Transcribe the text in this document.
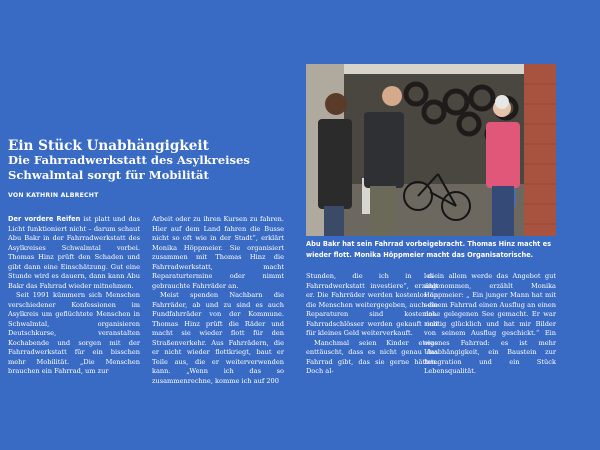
Abu Bakr hat sein Fahrrad vorbeigebracht. Thomas Hinz macht es wieder flott. Monika Höppmeier macht das Organisatorische.

Ein Stück Unabhängigkeit
Die Fahrradwerkstatt des Asylkreises Schwalmtal sorgt für Mobilität
VON KATHRIN ALBRECHT

Der vordere Reifen ist platt und das Licht funktioniert nicht – darum schaut Abu Bakr in der Fahrradwerkstatt des Asylkreises Schwalmtal vorbei. Thomas Hinz prüft den Schaden und gibt dann eine Einschätzung. Gut eine Stunde wird es dauern, dann kann Abu Bakr das Fahrrad wieder mitnehmen.

Seit 1991 kümmern sich Menschen verschiedener Konfessionen im Asylkreis um geflüchtete Menschen in Schwalmtal, organisieren Deutschkurse, veranstalten Kochabende und sorgen mit der Fahrradwerkstatt für ein bisschen mehr Mobilität. „Die Menschen brauchen ein Fahrrad, um zur

Arbeit oder zu ihren Kursen zu fahren. Hier auf dem Land fahren die Busse nicht so oft wie in der Stadt“, erklärt Monika Höppmeier. Sie organisiert zusammen mit Thomas Hinz die Fahrradwerkstatt, macht Reparaturtermine oder nimmt gebrauchte Fahrräder an.

Meist spenden Nachbarn die Fahrräder, ab und zu sind es auch Fundfahrräder von der Kommune. Thomas Hinz prüft die Räder und macht sie wieder flott für den Straßenverkehr. Aus Fahrrädern, die er nicht wieder flottkriegt, baut er Teile aus, die er weiterverwenden kann. „Wenn ich das so zusammenrechne, komme ich auf 200

Stunden, die ich in die Fahrradwerkstatt investiere“, erzählt er. Die Fahrräder werden kostenlos an die Menschen weitergegeben, auch die Reparaturen sind kostenlos. Fahrradschlösser werden gekauft und für kleines Geld weiterverkauft.

Manchmal seien Kinder etwas enttäuscht, dass es nicht genau das Fahrrad gibt, das sie gerne hätten. Doch al-

les in allem werde das Angebot gut angenommen, erzählt Monika Höppmeier: „ Ein junger Mann hat mit seinem Fahrrad einen Ausflug an einen nahe gelegenen See gemacht. Er war richtig glücklich und hat mir Bilder von seinem Ausflug geschickt.“ Ein eigenes Fahrrad: es ist mehr Unabhängigkeit, ein Baustein zur Integration und ein Stück Lebensqualität.
